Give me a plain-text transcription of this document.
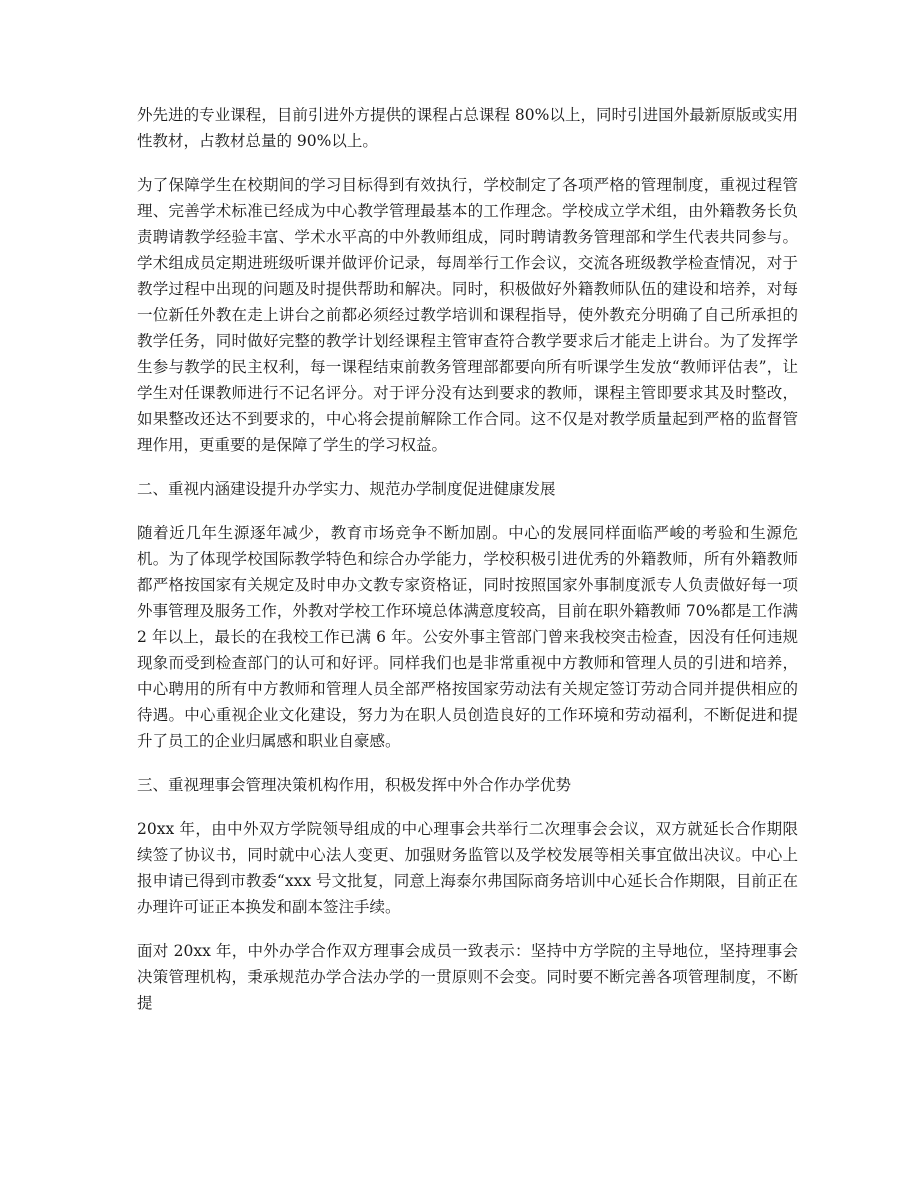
外先进的专业课程，目前引进外方提供的课程占总课程 80%以上，同时引进国外最新原版或实用性教材，占教材总量的 90%以上。

为了保障学生在校期间的学习目标得到有效执行，学校制定了各项严格的管理制度，重视过程管理、完善学术标准已经成为中心教学管理最基本的工作理念。学校成立学术组，由外籍教务长负责聘请教学经验丰富、学术水平高的中外教师组成，同时聘请教务管理部和学生代表共同参与。学术组成员定期进班级听课并做评价记录，每周举行工作会议，交流各班级教学检查情况，对于教学过程中出现的问题及时提供帮助和解决。同时，积极做好外籍教师队伍的建设和培养，对每一位新任外教在走上讲台之前都必须经过教学培训和课程指导，使外教充分明确了自己所承担的教学任务，同时做好完整的教学计划经课程主管审查符合教学要求后才能走上讲台。为了发挥学生参与教学的民主权利，每一课程结束前教务管理部都要向所有听课学生发放“教师评估表”，让学生对任课教师进行不记名评分。对于评分没有达到要求的教师，课程主管即要求其及时整改，如果整改还达不到要求的，中心将会提前解除工作合同。这不仅是对教学质量起到严格的监督管理作用，更重要的是保障了学生的学习权益。

二、重视内涵建设提升办学实力、规范办学制度促进健康发展

随着近几年生源逐年减少，教育市场竞争不断加剧。中心的发展同样面临严峻的考验和生源危机。为了体现学校国际教学特色和综合办学能力，学校积极引进优秀的外籍教师，所有外籍教师都严格按国家有关规定及时申办文教专家资格证，同时按照国家外事制度派专人负责做好每一项外事管理及服务工作，外教对学校工作环境总体满意度较高，目前在职外籍教师 70%都是工作满 2 年以上，最长的在我校工作已满 6 年。公安外事主管部门曾来我校突击检查，因没有任何违规现象而受到检查部门的认可和好评。同样我们也是非常重视中方教师和管理人员的引进和培养，中心聘用的所有中方教师和管理人员全部严格按国家劳动法有关规定签订劳动合同并提供相应的待遇。中心重视企业文化建设，努力为在职人员创造良好的工作环境和劳动福利，不断促进和提升了员工的企业归属感和职业自豪感。

三、重视理事会管理决策机构作用，积极发挥中外合作办学优势

20xx 年，由中外双方学院领导组成的中心理事会共举行二次理事会会议，双方就延长合作期限续签了协议书，同时就中心法人变更、加强财务监管以及学校发展等相关事宜做出决议。中心上报申请已得到市教委“xxx 号文批复，同意上海泰尔弗国际商务培训中心延长合作期限，目前正在办理许可证正本换发和副本签注手续。

面对 20xx 年，中外办学合作双方理事会成员一致表示：坚持中方学院的主导地位，坚持理事会决策管理机构，秉承规范办学合法办学的一贯原则不会变。同时要不断完善各项管理制度，不断提
